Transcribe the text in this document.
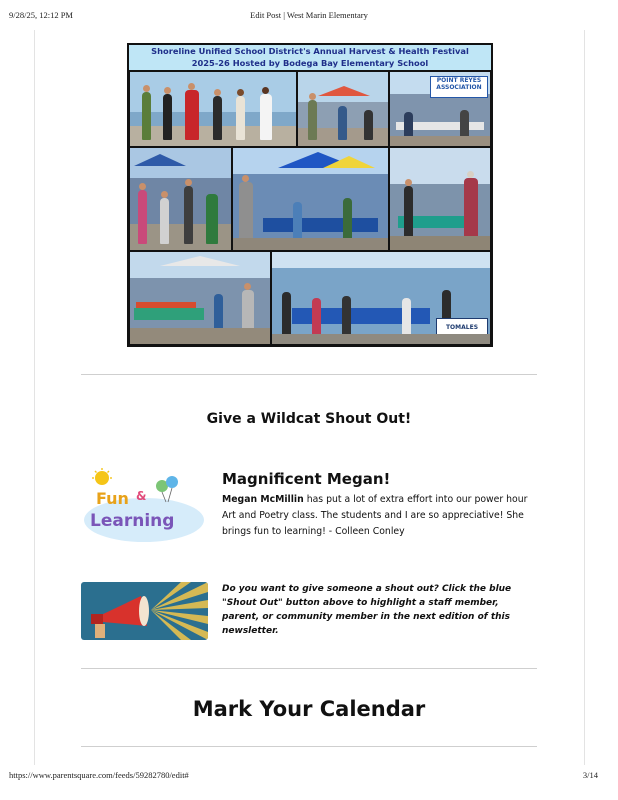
9/28/25, 12:12 PM	Edit Post | West Marin Elementary
Shoreline Unified School District's Annual Harvest & Health Festival
2025-26 Hosted by Bodega Bay Elementary School
POINT REYES
ASSOCIATION
TOMALES
Give a Wildcat Shout Out!
Fun &
Learning
Magnificent Megan!
Megan McMillin has put a lot of extra effort into our power hour Art and Poetry class. The students and I are so appreciative! She brings fun to learning! - Colleen Conley
Do you want to give someone a shout out? Click the blue "Shout Out" button above to highlight a staff member, parent, or community member in the next edition of this newsletter.
Mark Your Calendar
https://www.parentsquare.com/feeds/59282780/edit#	3/14
